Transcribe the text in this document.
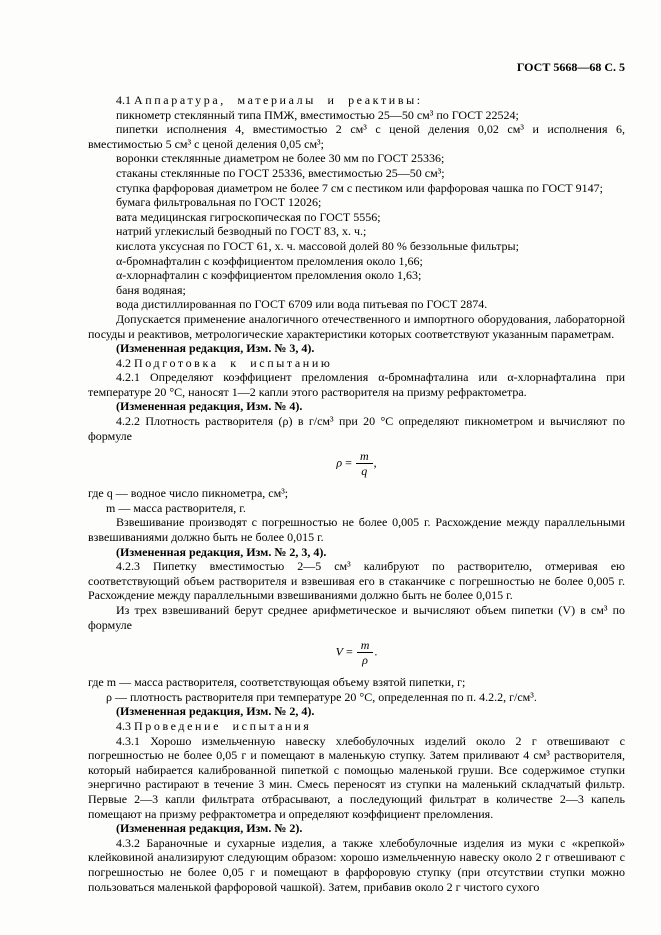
ГОСТ 5668—68 С. 5

4.1 Аппаратура, материалы и реактивы:

пикнометр стеклянный типа ПМЖ, вместимостью 25—50 см³ по ГОСТ 22524;

пипетки исполнения 4, вместимостью 2 см³ с ценой деления 0,02 см³ и исполнения 6, вместимостью 5 см³ с ценой деления 0,05 см³;

воронки стеклянные диаметром не более 30 мм по ГОСТ 25336;

стаканы стеклянные по ГОСТ 25336, вместимостью 25—50 см³;

ступка фарфоровая диаметром не более 7 см с пестиком или фарфоровая чашка по ГОСТ 9147;

бумага фильтровальная по ГОСТ 12026;

вата медицинская гигроскопическая по ГОСТ 5556;

натрий углекислый безводный по ГОСТ 83, х. ч.;

кислота уксусная по ГОСТ 61, х. ч. массовой долей 80 % беззольные фильтры;

α-бромнафталин с коэффициентом преломления около 1,66;

α-хлорнафталин с коэффициентом преломления около 1,63;

баня водяная;

вода дистиллированная по ГОСТ 6709 или вода питьевая по ГОСТ 2874.

Допускается применение аналогичного отечественного и импортного оборудования, лабораторной посуды и реактивов, метрологические характеристики которых соответствуют указанным параметрам.

(Измененная редакция, Изм. № 3, 4).

4.2 Подготовка к испытанию

4.2.1 Определяют коэффициент преломления α-бромнафталина или α-хлорнафталина при температуре 20 °С, наносят 1—2 капли этого растворителя на призму рефрактометра.

(Измененная редакция, Изм. № 4).

4.2.2 Плотность растворителя (ρ) в г/см³ при 20 °С определяют пикнометром и вычисляют по формуле

$\rho = \frac{m}{q}$ ,

где q — водное число пикнометра, см³;

m — масса растворителя, г.

Взвешивание производят с погрешностью не более 0,005 г. Расхождение между параллельными взвешиваниями должно быть не более 0,015 г.

(Измененная редакция, Изм. № 2, 3, 4).

4.2.3 Пипетку вместимостью 2—5 см³ калибруют по растворителю, отмеривая ею соответствующий объем растворителя и взвешивая его в стаканчике с погрешностью не более 0,005 г. Расхождение между параллельными взвешиваниями должно быть не более 0,015 г.

Из трех взвешиваний берут среднее арифметическое и вычисляют объем пипетки (V) в см³ по формуле

$V = \frac{m}{\rho}$ .

где m — масса растворителя, соответствующая объему взятой пипетки, г;

ρ — плотность растворителя при температуре 20 °С, определенная по п. 4.2.2, г/см³.

(Измененная редакция, Изм. № 2, 4).

4.3 Проведение испытания

4.3.1 Хорошо измельченную навеску хлебобулочных изделий около 2 г отвешивают с погрешностью не более 0,05 г и помещают в маленькую ступку. Затем приливают 4 см³ растворителя, который набирается калиброванной пипеткой с помощью маленькой груши. Все содержимое ступки энергично растирают в течение 3 мин. Смесь переносят из ступки на маленький складчатый фильтр. Первые 2—3 капли фильтрата отбрасывают, а последующий фильтрат в количестве 2—3 капель помещают на призму рефрактометра и определяют коэффициент преломления.

(Измененная редакция, Изм. № 2).

4.3.2 Бараночные и сухарные изделия, а также хлебобулочные изделия из муки с «крепкой» клейковиной анализируют следующим образом: хорошо измельченную навеску около 2 г отвешивают с погрешностью не более 0,05 г и помещают в фарфоровую ступку (при отсутствии ступки можно пользоваться маленькой фарфоровой чашкой). Затем, прибавив около 2 г чистого сухого
